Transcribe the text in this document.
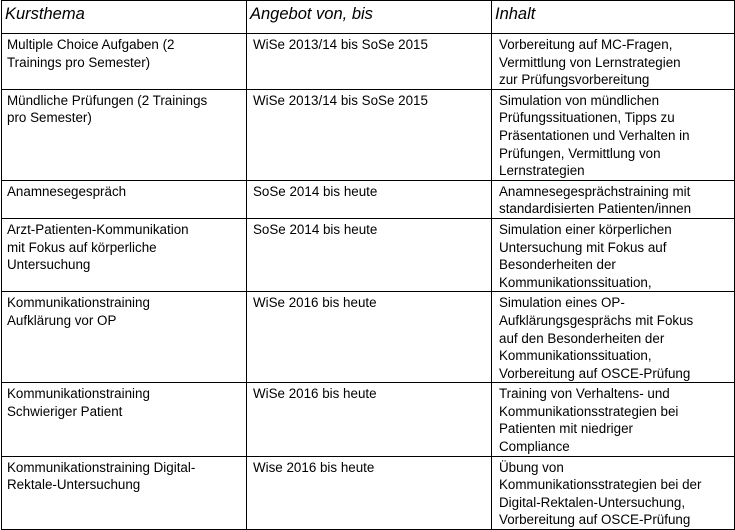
Kursthema	Angebot von, bis	Inhalt

Multiple Choice Aufgaben (2
Trainings pro Semester)	WiSe 2013/14 bis SoSe 2015	Vorbereitung auf MC-Fragen,
Vermittlung von Lernstrategien
zur Prüfungsvorbereitung

Mündliche Prüfungen (2 Trainings
pro Semester)	WiSe 2013/14 bis SoSe 2015	Simulation von mündlichen
Prüfungssituationen, Tipps zu
Präsentationen und Verhalten in
Prüfungen, Vermittlung von
Lernstrategien

Anamnesegespräch	SoSe 2014 bis heute	Anamnesegesprächstraining mit
standardisierten Patienten/innen

Arzt-Patienten-Kommunikation
mit Fokus auf körperliche
Untersuchung	SoSe 2014 bis heute	Simulation einer körperlichen
Untersuchung mit Fokus auf
Besonderheiten der
Kommunikationssituation,

Kommunikationstraining
Aufklärung vor OP	WiSe 2016 bis heute	Simulation eines OP-
Aufklärungsgesprächs mit Fokus
auf den Besonderheiten der
Kommunikationssituation,
Vorbereitung auf OSCE-Prüfung

Kommunikationstraining
Schwieriger Patient	WiSe 2016 bis heute	Training von Verhaltens- und
Kommunikationsstrategien bei
Patienten mit niedriger
Compliance

Kommunikationstraining Digital-
Rektale-Untersuchung	Wise 2016 bis heute	Übung von
Kommunikationsstrategien bei der
Digital-Rektalen-Untersuchung,
Vorbereitung auf OSCE-Prüfung
